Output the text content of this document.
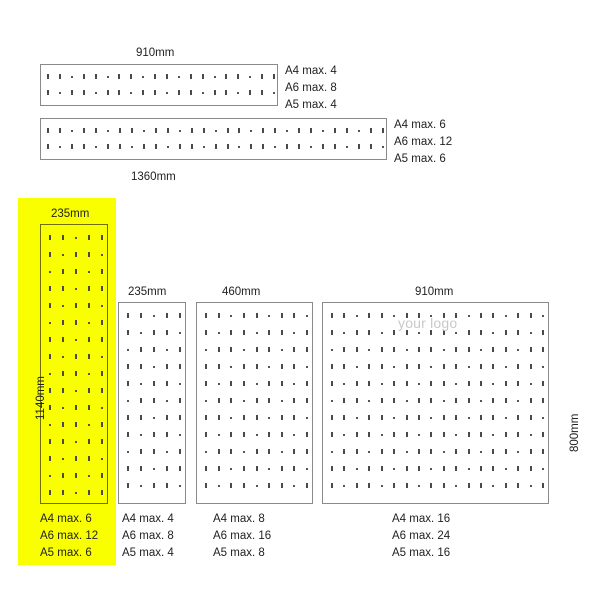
910mm
A4 max. 4
A6 max. 8
A5 max. 4
1360mm
A4 max. 6
A6 max. 12
A5 max. 6
235mm
1140mm
A4 max. 6
A6 max. 12
A5 max. 6
235mm
A4 max. 4
A6 max. 8
A5 max. 4
460mm
A4 max. 8
A6 max. 16
A5 max. 8
910mm
your logo
800mm
A4 max. 16
A6 max. 24
A5 max. 16
